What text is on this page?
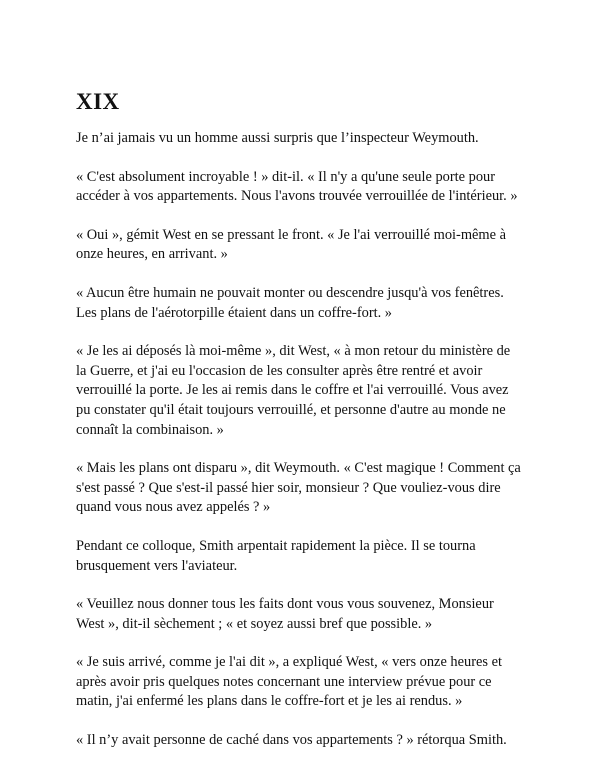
XIX

Je n’ai jamais vu un homme aussi surpris que l’inspecteur Weymouth.

« C'est absolument incroyable ! » dit-il. « Il n'y a qu'une seule porte pour accéder à vos appartements. Nous l'avons trouvée verrouillée de l'intérieur. »

« Oui », gémit West en se pressant le front. « Je l'ai verrouillé moi-même à onze heures, en arrivant. »

« Aucun être humain ne pouvait monter ou descendre jusqu'à vos fenêtres. Les plans de l'aérotorpille étaient dans un coffre-fort. »

« Je les ai déposés là moi-même », dit West, « à mon retour du ministère de la Guerre, et j'ai eu l'occasion de les consulter après être rentré et avoir verrouillé la porte. Je les ai remis dans le coffre et l'ai verrouillé. Vous avez pu constater qu'il était toujours verrouillé, et personne d'autre au monde ne connaît la combinaison. »

« Mais les plans ont disparu », dit Weymouth. « C'est magique ! Comment ça s'est passé ? Que s'est-il passé hier soir, monsieur ? Que vouliez-vous dire quand vous nous avez appelés ? »

Pendant ce colloque, Smith arpentait rapidement la pièce. Il se tourna brusquement vers l'aviateur.

« Veuillez nous donner tous les faits dont vous vous souvenez, Monsieur West », dit-il sèchement ; « et soyez aussi bref que possible. »

« Je suis arrivé, comme je l'ai dit », a expliqué West, « vers onze heures et après avoir pris quelques notes concernant une interview prévue pour ce matin, j'ai enfermé les plans dans le coffre-fort et je les ai rendus. »

« Il n’y avait personne de caché dans vos appartements ? » rétorqua Smith.
